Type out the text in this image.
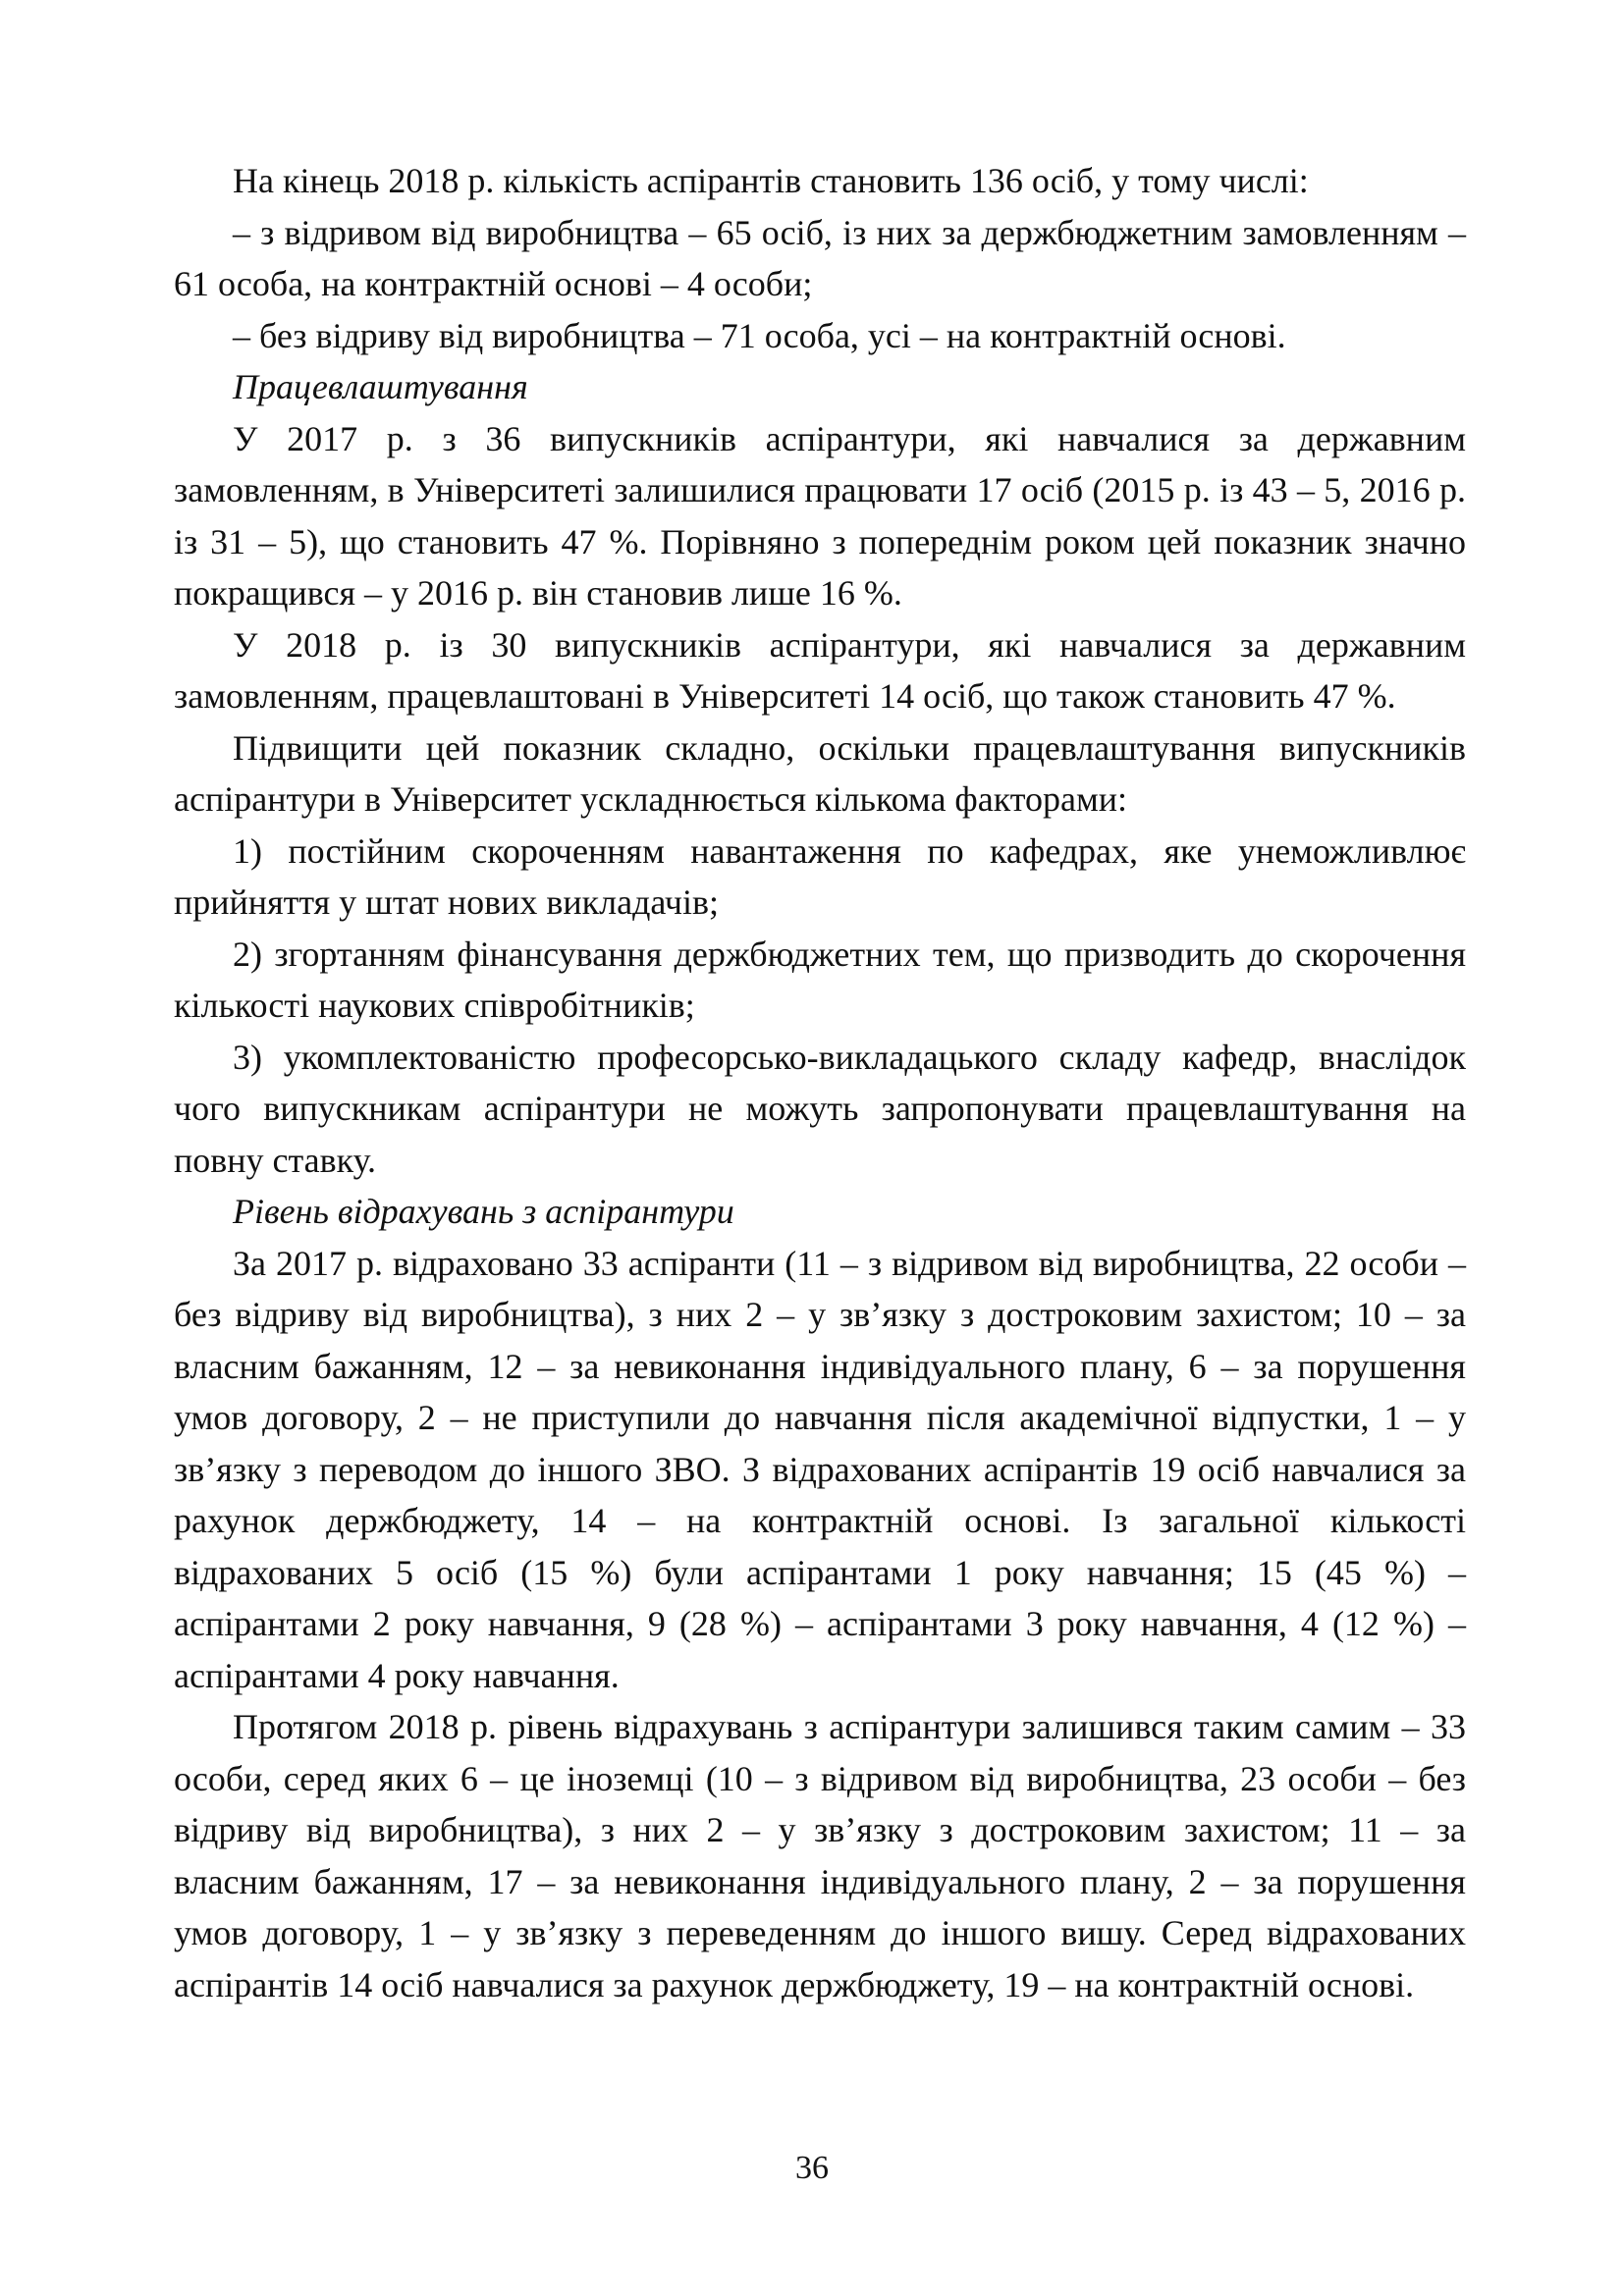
На кінець 2018 р. кількість аспірантів становить 136 осіб, у тому числі:

– з відривом від виробництва – 65 осіб, із них за держбюджетним замовленням – 61 особа, на контрактній основі – 4 особи;

– без відриву від виробництва – 71 особа, усі – на контрактній основі.

Працевлаштування

У 2017 р. з 36 випускників аспірантури, які навчалися за державним замовленням, в Університеті залишилися працювати 17 осіб (2015 р. із 43 – 5, 2016 р. із 31 – 5), що становить 47 %. Порівняно з попереднім роком цей показник значно покращився – у 2016 р. він становив лише 16 %.

У 2018 р. із 30 випускників аспірантури, які навчалися за державним замовленням, працевлаштовані в Університеті 14 осіб, що також становить 47 %.

Підвищити цей показник складно, оскільки працевлаштування випускників аспірантури в Університет ускладнюється кількома факторами:

1) постійним скороченням навантаження по кафедрах, яке унеможливлює прийняття у штат нових викладачів;

2) згортанням фінансування держбюджетних тем, що призводить до скорочення кількості наукових співробітників;

3) укомплектованістю професорсько-викладацького складу кафедр, внаслідок чого випускникам аспірантури не можуть запропонувати працевлаштування на повну ставку.

Рівень відрахувань з аспірантури

За 2017 р. відраховано 33 аспіранти (11 – з відривом від виробництва, 22 особи – без відриву від виробництва), з них 2 – у зв’язку з достроковим захистом; 10 – за власним бажанням, 12 – за невиконання індивідуального плану, 6 – за порушення умов договору, 2 – не приступили до навчання після академічної відпустки, 1 – у зв’язку з переводом до іншого ЗВО. З відрахованих аспірантів 19 осіб навчалися за рахунок держбюджету, 14 – на контрактній основі. Із загальної кількості відрахованих 5 осіб (15 %) були аспірантами 1 року навчання; 15 (45 %) – аспірантами 2 року навчання, 9 (28 %) – аспірантами 3 року навчання, 4 (12 %) – аспірантами 4 року навчання.

Протягом 2018 р. рівень відрахувань з аспірантури залишився таким самим – 33 особи, серед яких 6 – це іноземці (10 – з відривом від виробництва, 23 особи – без відриву від виробництва), з них 2 – у зв’язку з достроковим захистом; 11 – за власним бажанням, 17 – за невиконання індивідуального плану, 2 – за порушення умов договору, 1 – у зв’язку з переведенням до іншого вишу. Серед відрахованих аспірантів 14 осіб навчалися за рахунок держбюджету, 19 – на контрактній основі.

36
